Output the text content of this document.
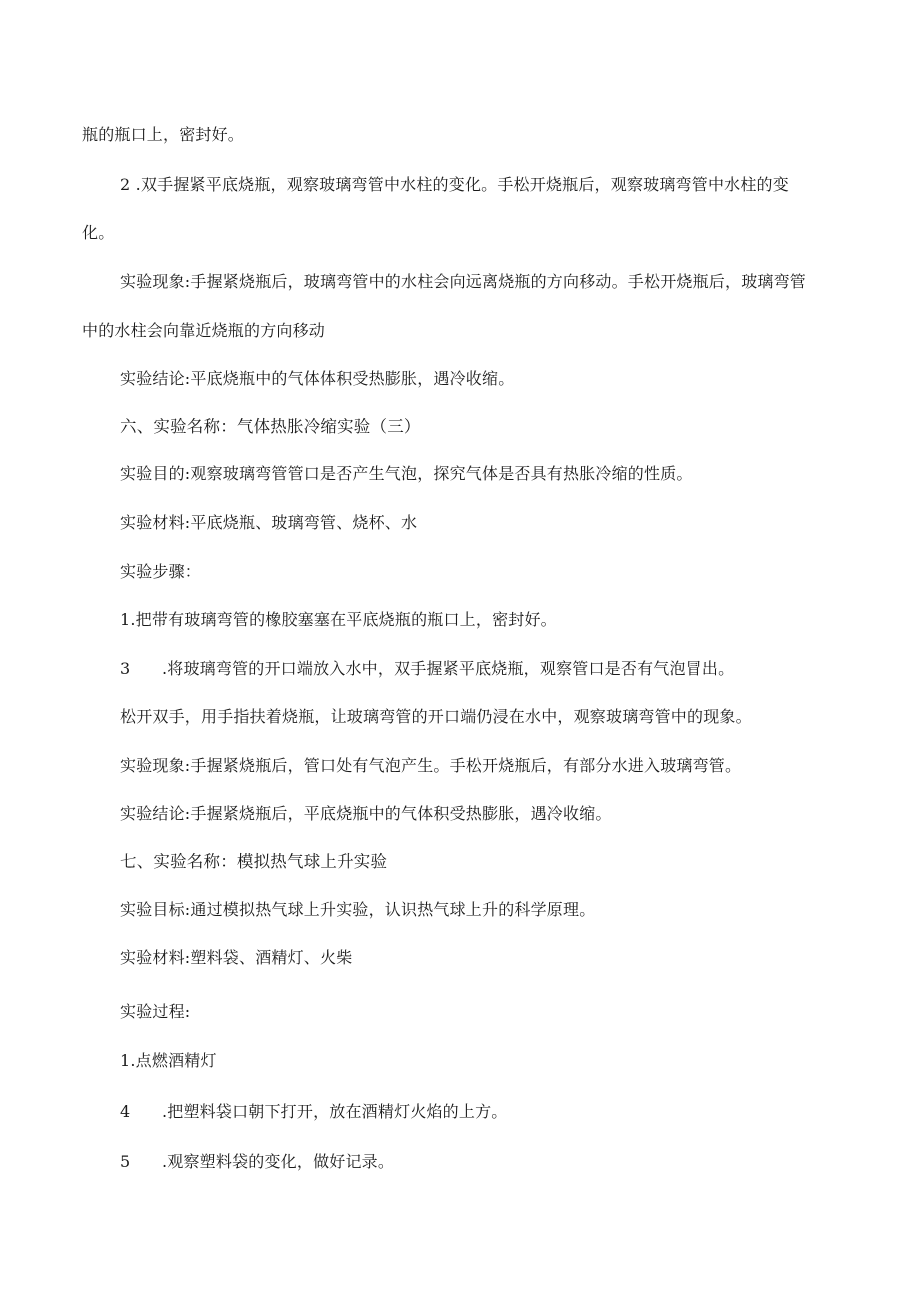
瓶的瓶口上，密封好。
2 .双手握紧平底烧瓶，观察玻璃弯管中水柱的变化。手松开烧瓶后，观察玻璃弯管中水柱的变
化。
实验现象:手握紧烧瓶后，玻璃弯管中的水柱会向远离烧瓶的方向移动。手松开烧瓶后，玻璃弯管
中的水柱会向靠近烧瓶的方向移动
实验结论:平底烧瓶中的气体体积受热膨胀，遇冷收缩。
六、实验名称：气体热胀冷缩实验（三）
实验目的:观察玻璃弯管管口是否产生气泡，探究气体是否具有热胀冷缩的性质。
实验材料:平底烧瓶、玻璃弯管、烧杯、水
实验步骤：
1.把带有玻璃弯管的橡胶塞塞在平底烧瓶的瓶口上，密封好。
3 .将玻璃弯管的开口端放入水中，双手握紧平底烧瓶，观察管口是否有气泡冒出。
松开双手，用手指扶着烧瓶，让玻璃弯管的开口端仍浸在水中，观察玻璃弯管中的现象。
实验现象:手握紧烧瓶后，管口处有气泡产生。手松开烧瓶后，有部分水进入玻璃弯管。
实验结论:手握紧烧瓶后，平底烧瓶中的气体积受热膨胀，遇冷收缩。
七、实验名称：模拟热气球上升实验
实验目标:通过模拟热气球上升实验，认识热气球上升的科学原理。
实验材料:塑料袋、酒精灯、火柴
实验过程:
1.点燃酒精灯
4 .把塑料袋口朝下打开，放在酒精灯火焰的上方。
5 .观察塑料袋的变化，做好记录。
